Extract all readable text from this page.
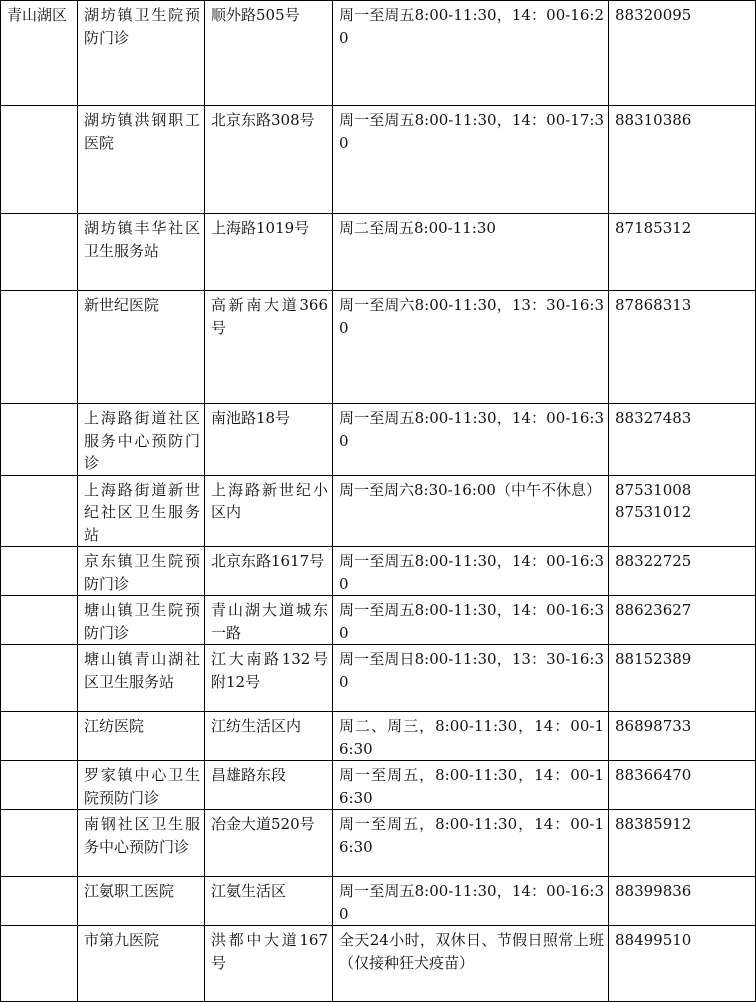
青山湖区	湖坊镇卫生院预防门诊	顺外路505号	周一至周五8:00-11:30，14：00-16:20	88320095

	湖坊镇洪钢职工医院	北京东路308号	周一至周五8:00-11:30，14：00-17:30	88310386

	湖坊镇丰华社区卫生服务站	上海路1019号	周二至周五8:00-11:30	87185312

	新世纪医院	高新南大道366号	周一至周六8:00-11:30，13：30-16:30	87868313

	上海路街道社区服务中心预防门诊	南池路18号	周一至周五8:00-11:30，14：00-16:30	88327483

	上海路街道新世纪社区卫生服务站	上海路新世纪小区内	周一至周六8:30-16:00（中午不休息）	87531008
87531012

	京东镇卫生院预防门诊	北京东路1617号	周一至周五8:00-11:30，14：00-16:30	88322725

	塘山镇卫生院预防门诊	青山湖大道城东一路	周一至周五8:00-11:30，14：00-16:30	88623627

	塘山镇青山湖社区卫生服务站	江大南路132号附12号	周一至周日8:00-11:30，13：30-16:30	88152389

	江纺医院	江纺生活区内	周二、周三，8:00-11:30，14：00-16:30	86898733

	罗家镇中心卫生院预防门诊	昌雄路东段	周一至周五，8:00-11:30，14：00-16:30	88366470

	南钢社区卫生服务中心预防门诊	冶金大道520号	周一至周五，8:00-11:30，14：00-16:30	88385912

	江氨职工医院	江氨生活区	周一至周五8:00-11:30，14：00-16:30	88399836

	市第九医院	洪都中大道167号	全天24小时，双休日、节假日照常上班（仅接种狂犬疫苗）	88499510
